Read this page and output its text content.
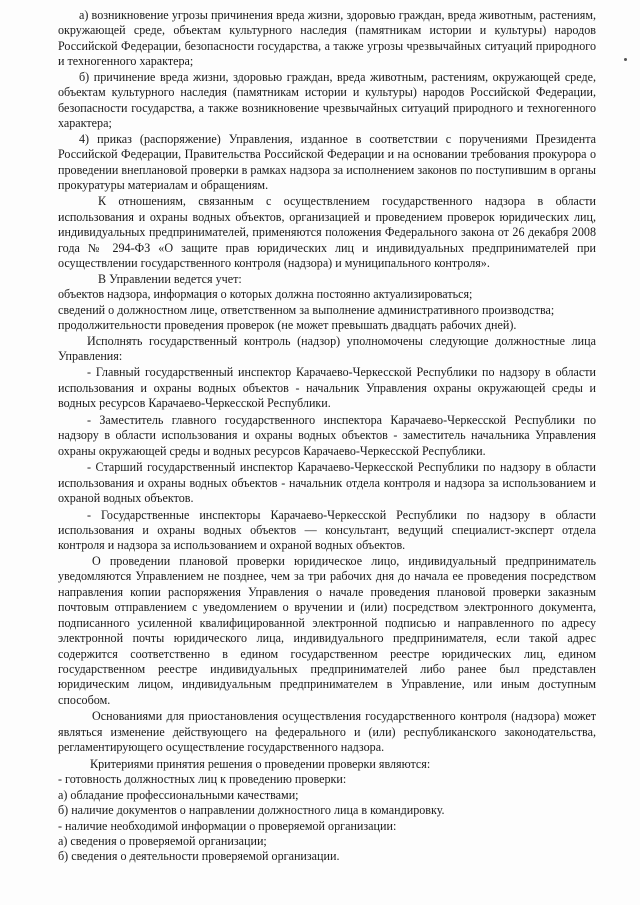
а) возникновение угрозы причинения вреда жизни, здоровью граждан, вреда животным, растениям, окружающей среде, объектам культурного наследия (памятникам истории и культуры) народов Российской Федерации, безопасности государства, а также угрозы чрезвычайных ситуаций природного и техногенного характера;

б) причинение вреда жизни, здоровью граждан, вреда животным, растениям, окружающей среде, объектам культурного наследия (памятникам истории и культуры) народов Российской Федерации, безопасности государства, а также возникновение чрезвычайных ситуаций природного и техногенного характера;

4) приказ (распоряжение) Управления, изданное в соответствии с поручениями Президента Российской Федерации, Правительства Российской Федерации и на основании требования прокурора о проведении внеплановой проверки в рамках надзора за исполнением законов по поступившим в органы прокуратуры материалам и обращениям.

К отношениям, связанным с осуществлением государственного надзора в области использования и охраны водных объектов, организацией и проведением проверок юридических лиц, индивидуальных предпринимателей, применяются положения Федерального закона от 26 декабря 2008 года № 294-ФЗ «О защите прав юридических лиц и индивидуальных предпринимателей при осуществлении государственного контроля (надзора) и муниципального контроля».

В Управлении ведется учет:

объектов надзора, информация о которых должна постоянно актуализироваться;

сведений о должностном лице, ответственном за выполнение административного производства;

продолжительности проведения проверок (не может превышать двадцать рабочих дней).

Исполнять государственный контроль (надзор) уполномочены следующие должностные лица Управления:

- Главный государственный инспектор Карачаево-Черкесской Республики по надзору в области использования и охраны водных объектов - начальник Управления охраны окружающей среды и водных ресурсов Карачаево-Черкесской Республики.

- Заместитель главного государственного инспектора Карачаево-Черкесской Республики по надзору в области использования и охраны водных объектов - заместитель начальника Управления охраны окружающей среды и водных ресурсов Карачаево-Черкесской Республики.

- Старший государственный инспектор Карачаево-Черкесской Республики по надзору в области использования и охраны водных объектов - начальник отдела контроля и надзора за использованием и охраной водных объектов.

- Государственные инспекторы Карачаево-Черкесской Республики по надзору в области использования и охраны водных объектов — консультант, ведущий специалист-эксперт отдела контроля и надзора за использованием и охраной водных объектов.

О проведении плановой проверки юридическое лицо, индивидуальный предприниматель уведомляются Управлением не позднее, чем за три рабочих дня до начала ее проведения посредством направления копии распоряжения Управления о начале проведения плановой проверки заказным почтовым отправлением с уведомлением о вручении и (или) посредством электронного документа, подписанного усиленной квалифицированной электронной подписью и направленного по адресу электронной почты юридического лица, индивидуального предпринимателя, если такой адрес содержится соответственно в едином государственном реестре юридических лиц, едином государственном реестре индивидуальных предпринимателей либо ранее был представлен юридическим лицом, индивидуальным предпринимателем в Управление, или иным доступным способом.

Основаниями для приостановления осуществления государственного контроля (надзора) может являться изменение действующего на федерального и (или) республиканского законодательства, регламентирующего осуществление государственного надзора.

Критериями принятия решения о проведении проверки являются:

- готовность должностных лиц к проведению проверки:

а) обладание профессиональными качествами;

б) наличие документов о направлении должностного лица в командировку.

- наличие необходимой информации о проверяемой организации:

а) сведения о проверяемой организации;

б) сведения о деятельности проверяемой организации.
